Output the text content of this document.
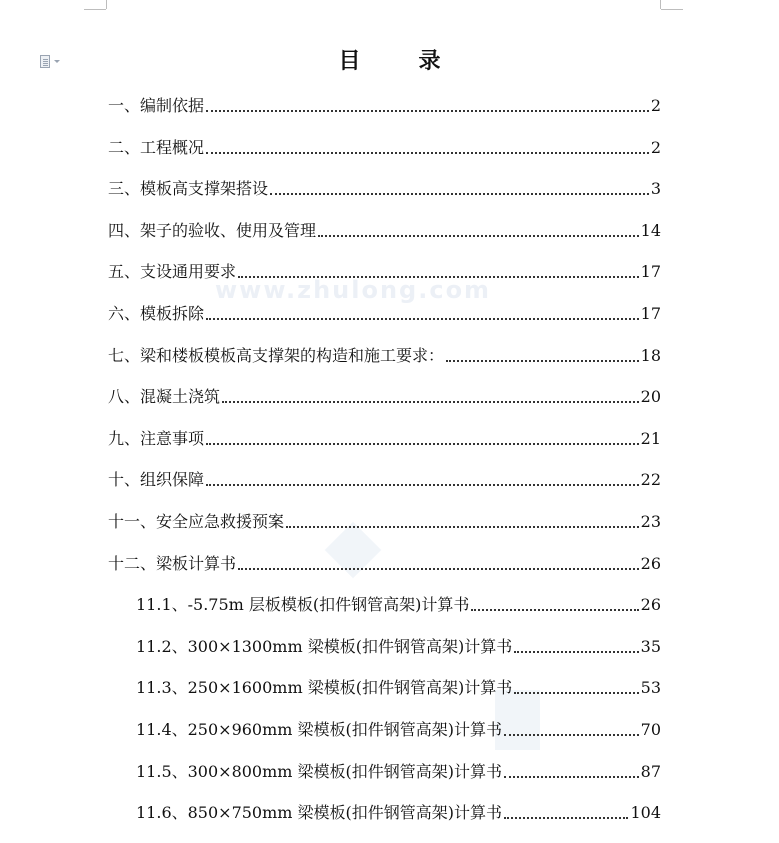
www.zhulong.com
目　录
一、编制依据	2
二、工程概况	2
三、模板高支撑架搭设	3
四、架子的验收、使用及管理	14
五、支设通用要求	17
六、模板拆除	17
七、梁和楼板模板高支撑架的构造和施工要求：	18
八、混凝土浇筑	20
九、注意事项	21
十、组织保障	22
十一、安全应急救援预案	23
十二、梁板计算书	26
11.1、-5.75m 层板模板(扣件钢管高架)计算书	26
11.2、300×1300mm 梁模板(扣件钢管高架)计算书	35
11.3、250×1600mm 梁模板(扣件钢管高架)计算书	53
11.4、250×960mm 梁模板(扣件钢管高架)计算书	70
11.5、300×800mm 梁模板(扣件钢管高架)计算书	87
11.6、850×750mm 梁模板(扣件钢管高架)计算书	104
